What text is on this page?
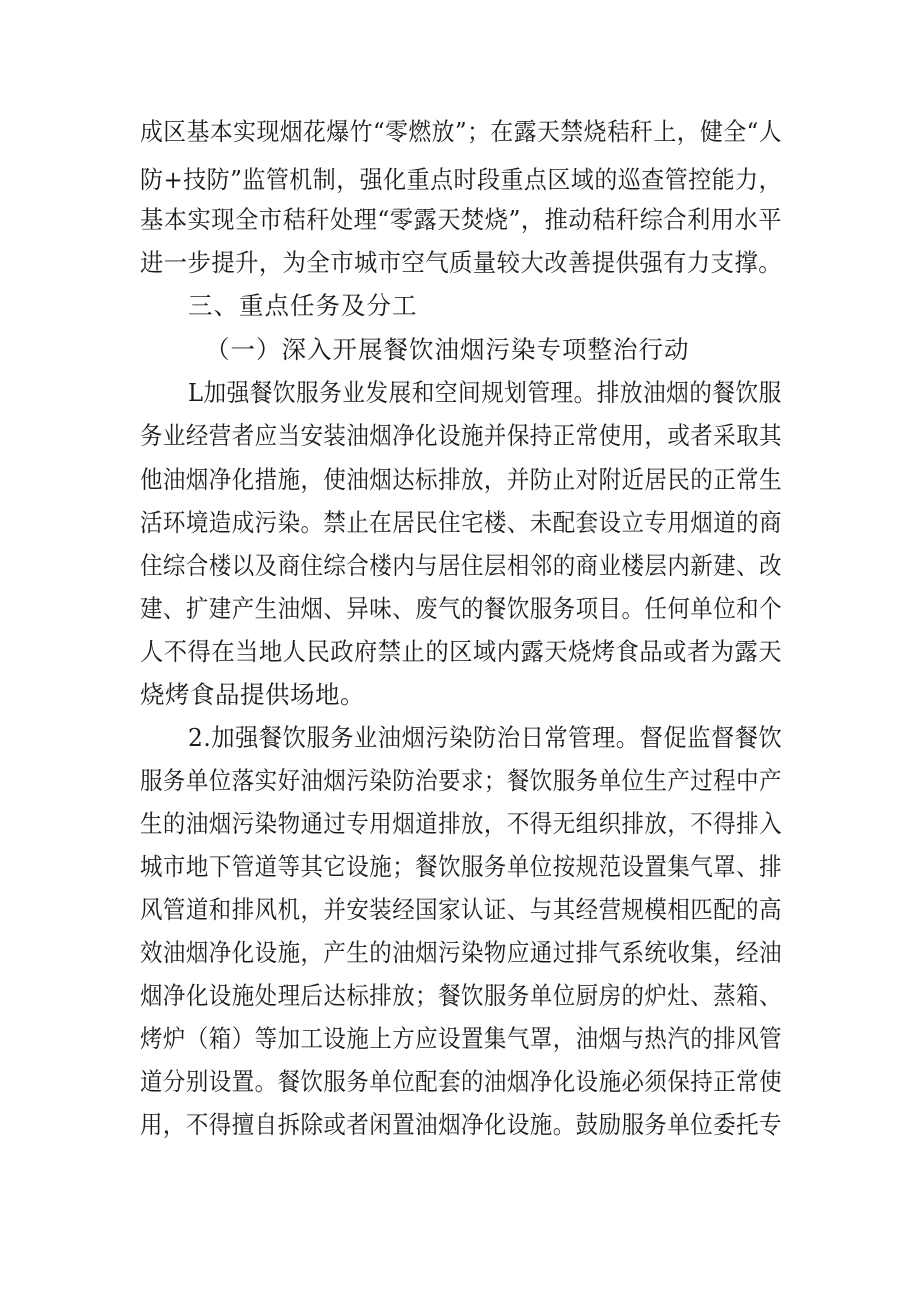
成区基本实现烟花爆竹“零燃放”；在露天禁烧秸秆上，健全“人
防+技防”监管机制，强化重点时段重点区域的巡查管控能力，
基本实现全市秸秆处理“零露天焚烧”，推动秸秆综合利用水平
进一步提升，为全市城市空气质量较大改善提供强有力支撑。
三、重点任务及分工
（一）深入开展餐饮油烟污染专项整治行动
L加强餐饮服务业发展和空间规划管理。排放油烟的餐饮服
务业经营者应当安装油烟净化设施并保持正常使用，或者采取其
他油烟净化措施，使油烟达标排放，并防止对附近居民的正常生
活环境造成污染。禁止在居民住宅楼、未配套设立专用烟道的商
住综合楼以及商住综合楼内与居住层相邻的商业楼层内新建、改
建、扩建产生油烟、异味、废气的餐饮服务项目。任何单位和个
人不得在当地人民政府禁止的区域内露天烧烤食品或者为露天
烧烤食品提供场地。
2.加强餐饮服务业油烟污染防治日常管理。督促监督餐饮
服务单位落实好油烟污染防治要求；餐饮服务单位生产过程中产
生的油烟污染物通过专用烟道排放，不得无组织排放，不得排入
城市地下管道等其它设施；餐饮服务单位按规范设置集气罩、排
风管道和排风机，并安装经国家认证、与其经营规模相匹配的高
效油烟净化设施，产生的油烟污染物应通过排气系统收集，经油
烟净化设施处理后达标排放；餐饮服务单位厨房的炉灶、蒸箱、
烤炉（箱）等加工设施上方应设置集气罩，油烟与热汽的排风管
道分别设置。餐饮服务单位配套的油烟净化设施必须保持正常使
用，不得擅自拆除或者闲置油烟净化设施。鼓励服务单位委托专
